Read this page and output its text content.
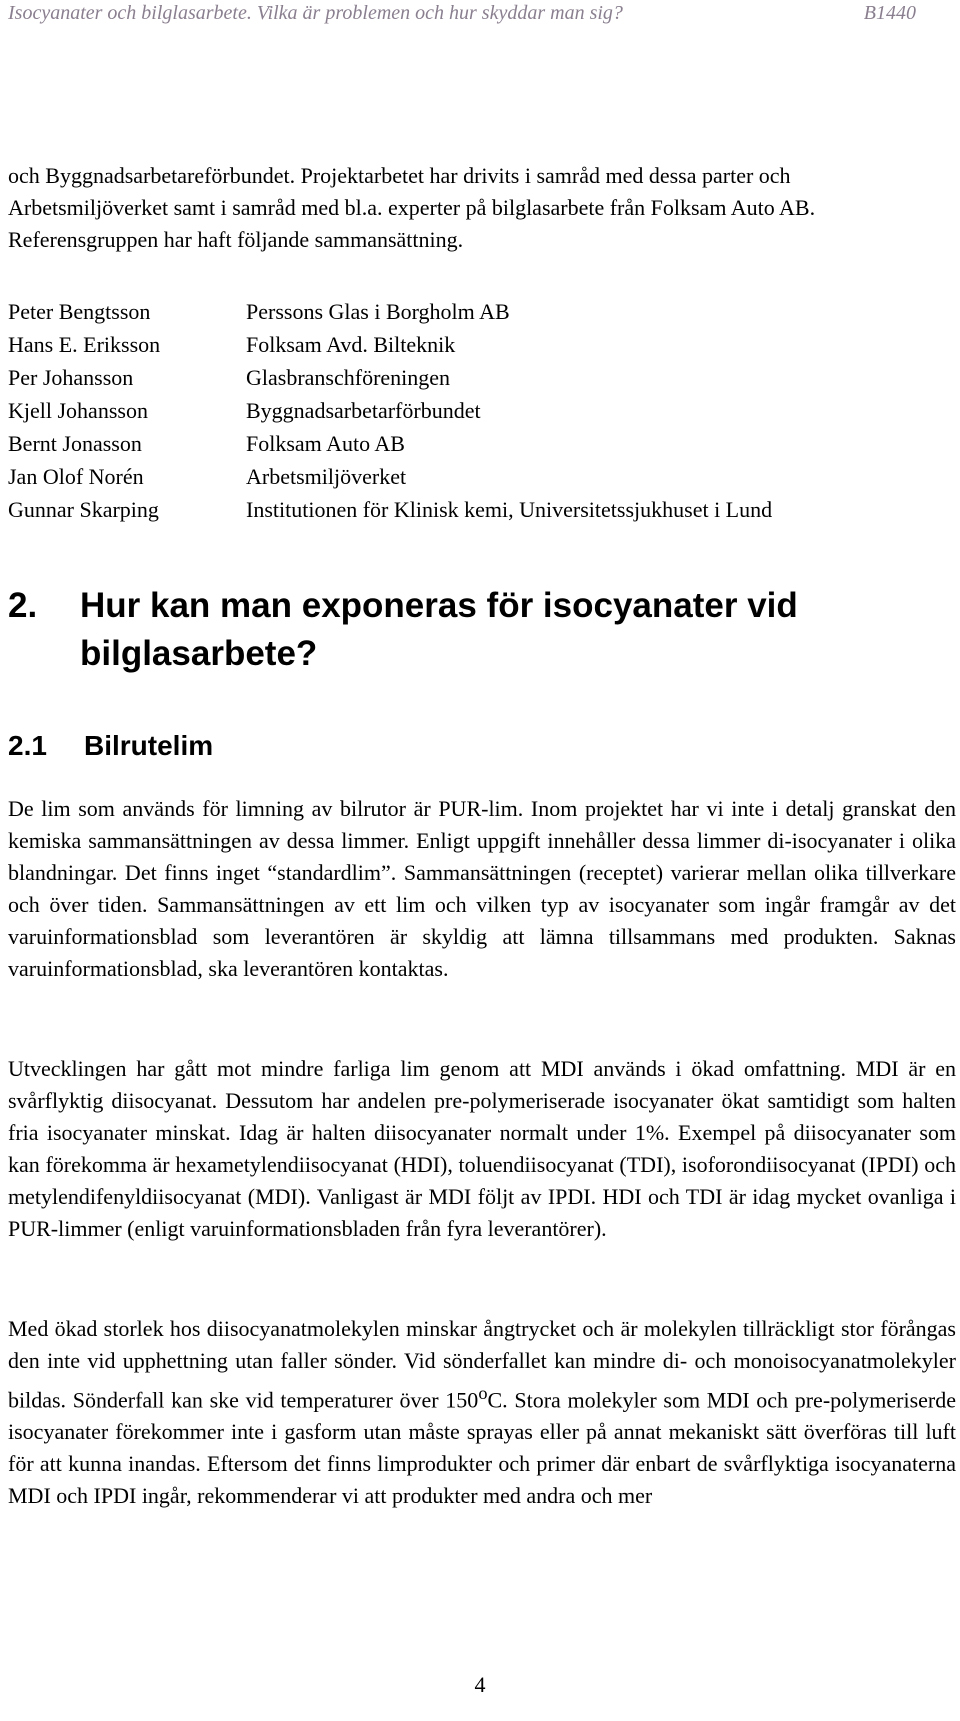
Isocyanater och bilglasarbete. Vilka är problemen och hur skyddar man sig?	B1440

och Byggnadsarbetareförbundet. Projektarbetet har drivits i samråd med dessa parter och Arbetsmiljöverket samt i samråd med bl.a. experter på bilglasarbete från Folksam Auto AB. Referensgruppen har haft följande sammansättning.

Peter Bengtsson	Perssons Glas i Borgholm AB
Hans E. Eriksson	Folksam Avd. Bilteknik
Per Johansson	Glasbranschföreningen
Kjell Johansson	Byggnadsarbetarförbundet
Bernt Jonasson	Folksam Auto AB
Jan Olof Norén	Arbetsmiljöverket
Gunnar Skarping	Institutionen för Klinisk kemi, Universitetssjukhuset i Lund
2. Hur kan man exponeras för isocyanater vid bilglasarbete?
2.1 Bilrutelim

De lim som används för limning av bilrutor är PUR-lim. Inom projektet har vi inte i detalj granskat den kemiska sammansättningen av dessa limmer. Enligt uppgift innehåller dessa limmer di-isocyanater i olika blandningar. Det finns inget “standardlim”. Sammansättningen (receptet) varierar mellan olika tillverkare och över tiden. Sammansättningen av ett lim och vilken typ av isocyanater som ingår framgår av det varuinformationsblad som leverantören är skyldig att lämna tillsammans med produkten. Saknas varuinformationsblad, ska leverantören kontaktas.

Utvecklingen har gått mot mindre farliga lim genom att MDI används i ökad omfattning. MDI är en svårflyktig diisocyanat. Dessutom har andelen pre-polymeriserade isocyanater ökat samtidigt som halten fria isocyanater minskat. Idag är halten diisocyanater normalt under 1%. Exempel på diisocyanater som kan förekomma är hexametylendiisocyanat (HDI), toluendiisocyanat (TDI), isoforondiisocyanat (IPDI) och metylendifenyldiisocyanat (MDI). Vanligast är MDI följt av IPDI. HDI och TDI är idag mycket ovanliga i PUR-limmer (enligt varuinformationsbladen från fyra leverantörer).

Med ökad storlek hos diisocyanatmolekylen minskar ångtrycket och är molekylen tillräckligt stor förångas den inte vid upphettning utan faller sönder. Vid sönderfallet kan mindre di- och monoisocyanatmolekyler bildas. Sönderfall kan ske vid temperaturer över 150$^o$C. Stora molekyler som MDI och pre-polymeriserde isocyanater förekommer inte i gasform utan måste sprayas eller på annat mekaniskt sätt överföras till luft för att kunna inandas. Eftersom det finns limprodukter och primer där enbart de svårflyktiga isocyanaterna MDI och IPDI ingår, rekommenderar vi att produkter med andra och mer

4
